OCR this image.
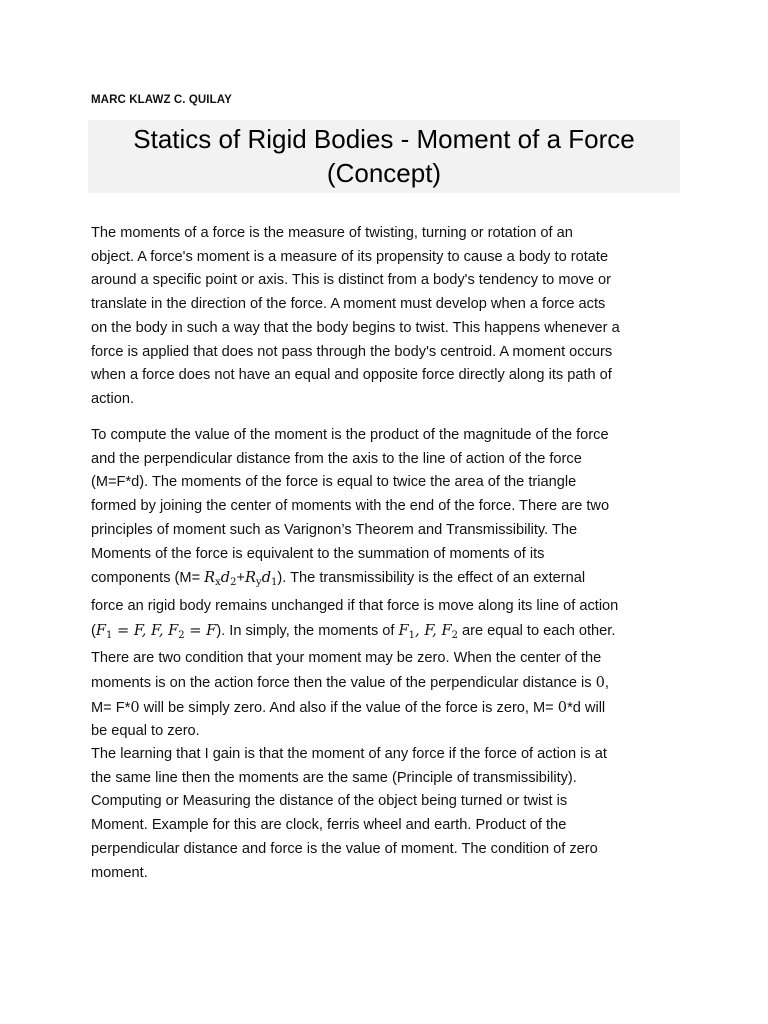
MARC KLAWZ C. QUILAY
Statics of Rigid Bodies - Moment of a Force
(Concept)

The moments of a force is the measure of twisting, turning or rotation of an
object. A force's moment is a measure of its propensity to cause a body to rotate
around a specific point or axis. This is distinct from a body's tendency to move or
translate in the direction of the force. A moment must develop when a force acts
on the body in such a way that the body begins to twist. This happens whenever a
force is applied that does not pass through the body's centroid. A moment occurs
when a force does not have an equal and opposite force directly along its path of
action.

To compute the value of the moment is the product of the magnitude of the force
and the perpendicular distance from the axis to the line of action of the force
(M=F*d). The moments of the force is equal to twice the area of the triangle
formed by joining the center of moments with the end of the force. There are two
principles of moment such as Varignon’s Theorem and Transmissibility. The
Moments of the force is equivalent to the summation of moments of its
components $(M= R_xd_2+R_yd_1)$. The transmissibility is the effect of an external
force an rigid body remains unchanged if that force is move along its line of action
($F_1 = F$, F, $F_2 = F$). In simply, the moments of $F_1$, F, $F_2$ are equal to each other.
There are two condition that your moment may be zero. When the center of the
moments is on the action force then the value of the perpendicular distance is 0,
M= F*0 will be simply zero. And also if the value of the force is zero, M= 0*d will
be equal to zero.

The learning that I gain is that the moment of any force if the force of action is at
the same line then the moments are the same (Principle of transmissibility).
Computing or Measuring the distance of the object being turned or twist is
Moment. Example for this are clock, ferris wheel and earth. Product of the
perpendicular distance and force is the value of moment. The condition of zero
moment.
